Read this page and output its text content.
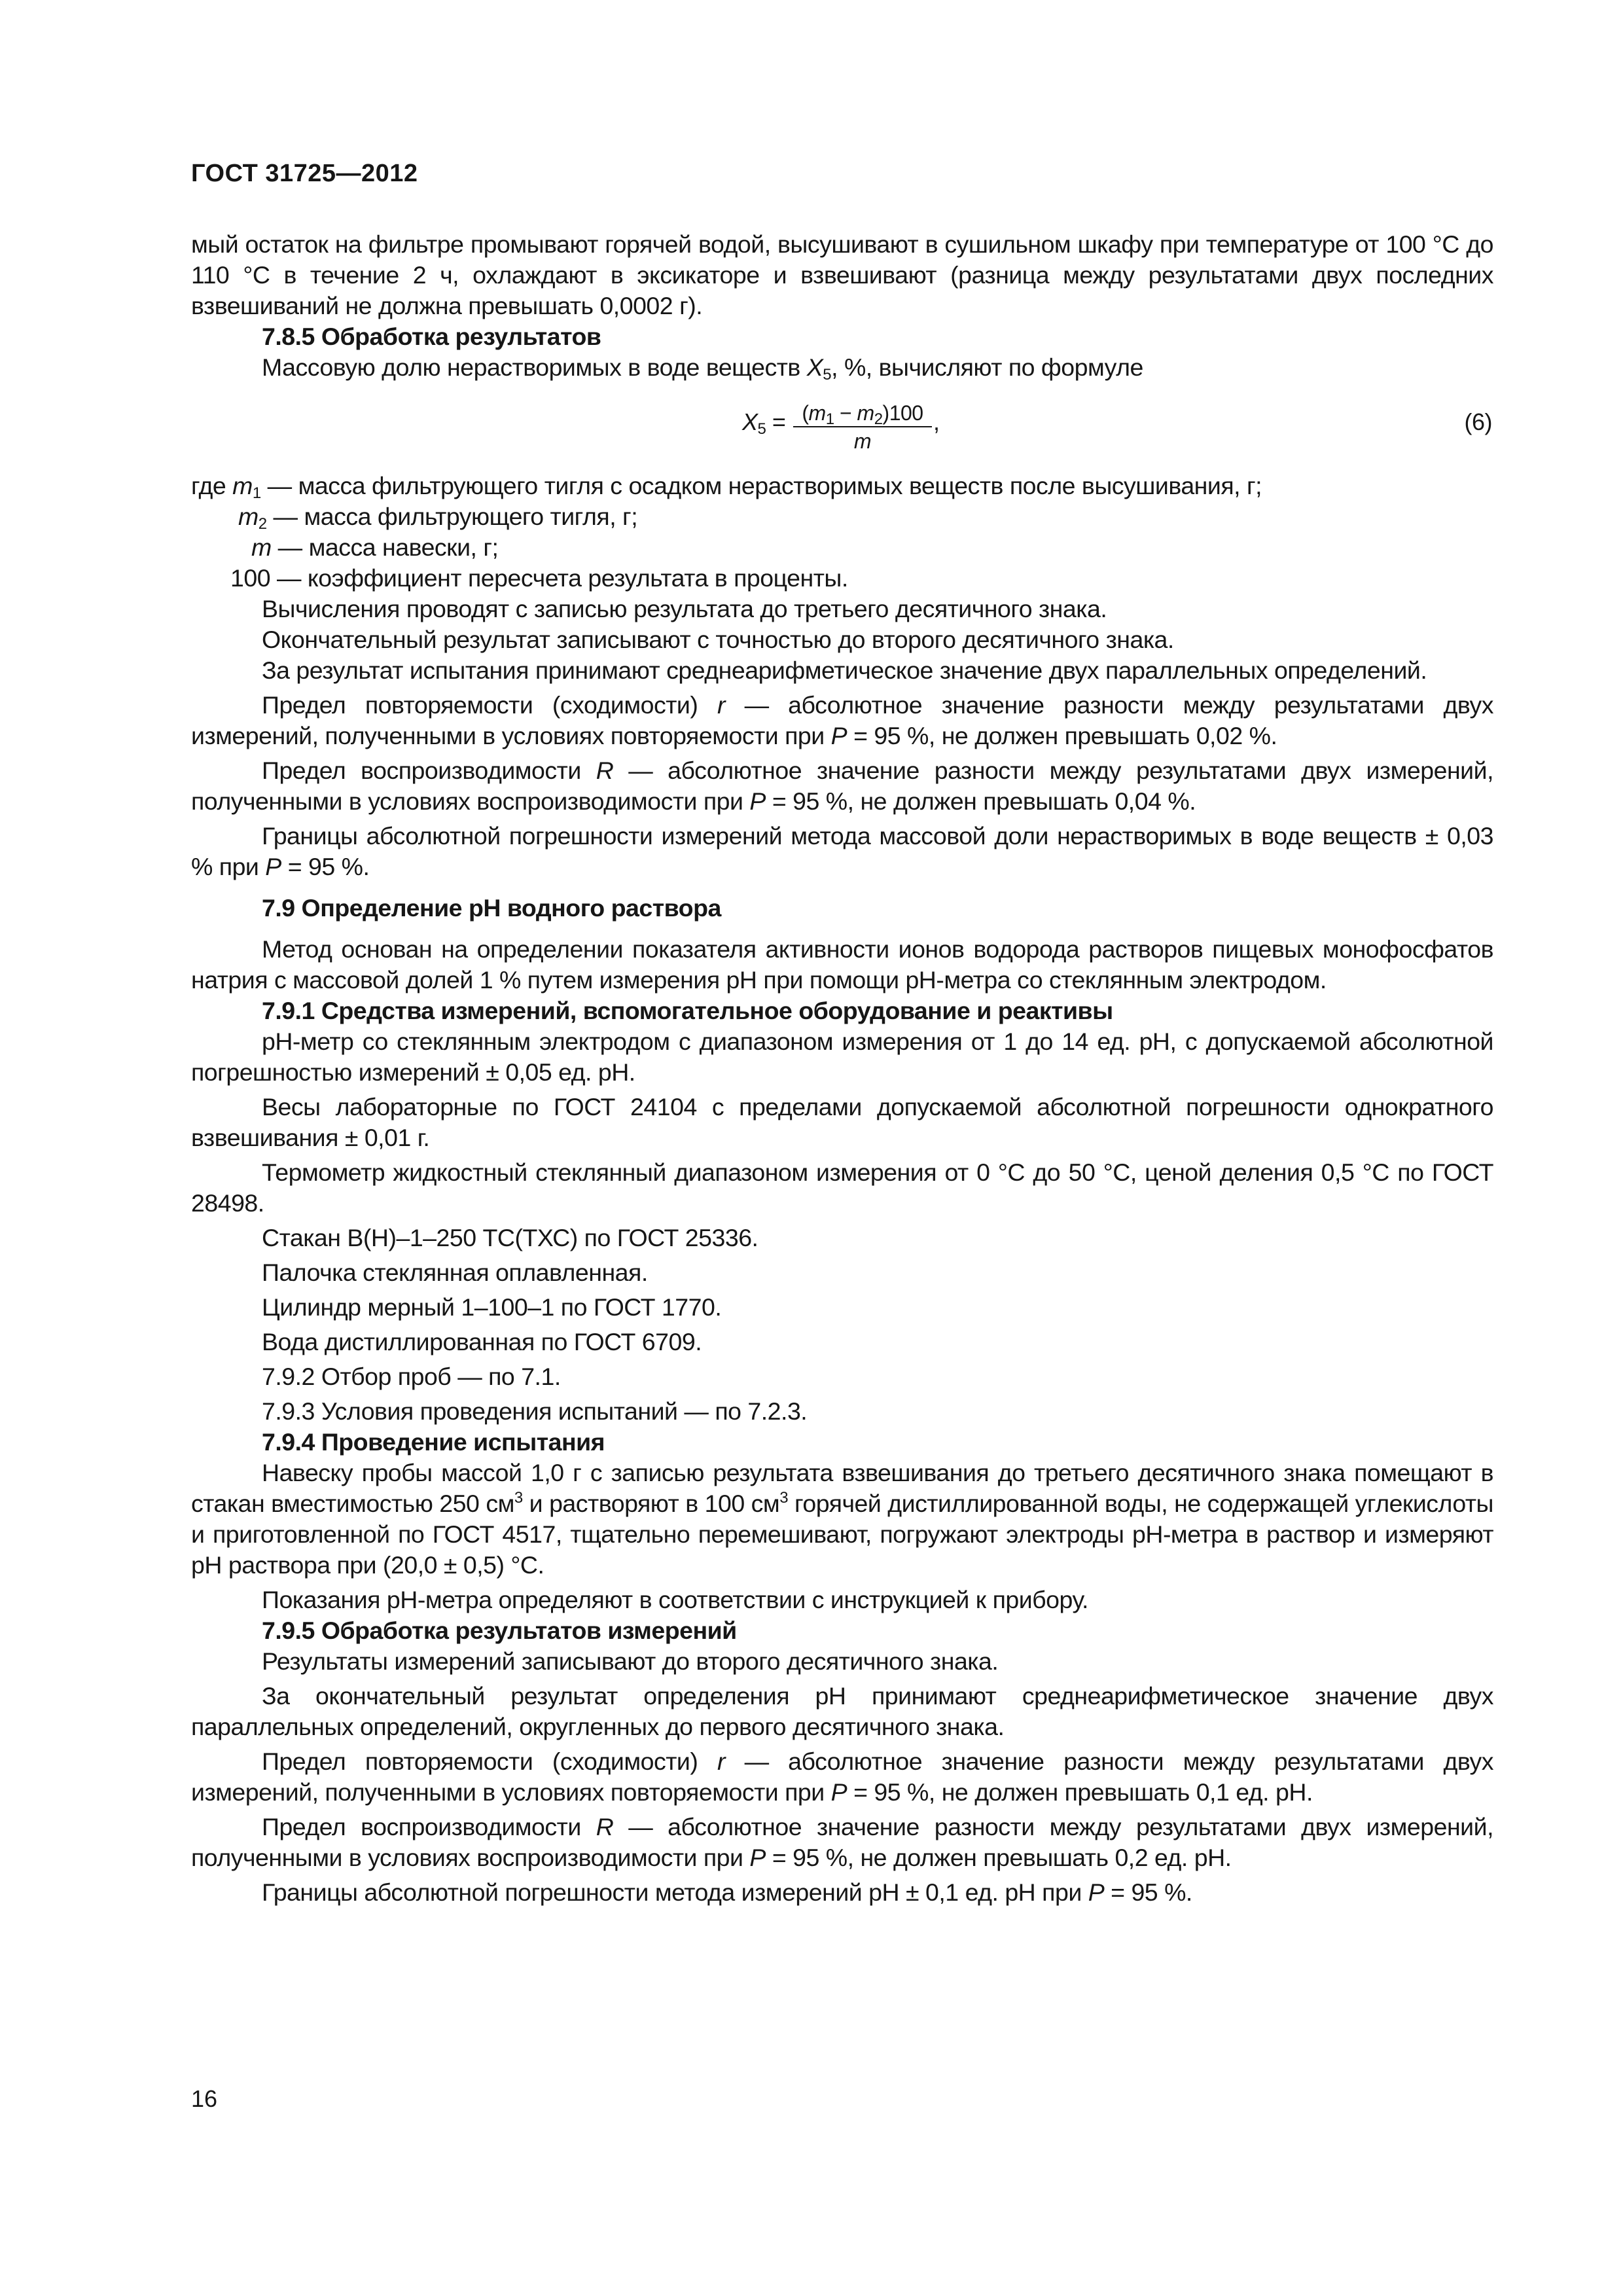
ГОСТ 31725—2012

мый остаток на фильтре промывают горячей водой, высушивают в сушильном шкафу при температуре от 100 °С до 110 °С в течение 2 ч, охлаждают в эксикаторе и взвешивают (разница между результатами двух последних взвешиваний не должна превышать 0,0002 г).

7.8.5 Обработка результатов

Массовую долю нерастворимых в воде веществ $X_5$, %, вычисляют по формуле

$X_5 = \frac{(m_1 - m_2)100}{m}$ ,	(6)
где $m_1$ — масса фильтрующего тигля с осадком нерастворимых веществ после высушивания, г;
$m_2$ — масса фильтрующего тигля, г;
m — масса навески, г;
100 — коэффициент пересчета результата в проценты.

Вычисления проводят с записью результата до третьего десятичного знака.

Окончательный результат записывают с точностью до второго десятичного знака.

За результат испытания принимают среднеарифметическое значение двух параллельных определений.

Предел повторяемости (сходимости) r — абсолютное значение разности между результатами двух измерений, полученными в условиях повторяемости при P = 95 %, не должен превышать 0,02 %.

Предел воспроизводимости R — абсолютное значение разности между результатами двух измерений, полученными в условиях воспроизводимости при P = 95 %, не должен превышать 0,04 %.

Границы абсолютной погрешности измерений метода массовой доли нерастворимых в воде веществ ± 0,03 % при P = 95 %.

7.9 Определение рН водного раствора

Метод основан на определении показателя активности ионов водорода растворов пищевых монофосфатов натрия с массовой долей 1 % путем измерения рН при помощи рН-метра со стеклянным электродом.

7.9.1 Средства измерений, вспомогательное оборудование и реактивы

рН-метр со стеклянным электродом с диапазоном измерения от 1 до 14 ед. рН, с допускаемой абсолютной погрешностью измерений ± 0,05 ед. рН.

Весы лабораторные по ГОСТ 24104 с пределами допускаемой абсолютной погрешности однократного взвешивания ± 0,01 г.

Термометр жидкостный стеклянный диапазоном измерения от 0 °С до 50 °С, ценой деления 0,5 °С по ГОСТ 28498.

Стакан В(Н)–1–250 ТС(ТХС) по ГОСТ 25336.

Палочка стеклянная оплавленная.

Цилиндр мерный 1–100–1 по ГОСТ 1770.

Вода дистиллированная по ГОСТ 6709.

7.9.2 Отбор проб — по 7.1.

7.9.3 Условия проведения испытаний — по 7.2.3.

7.9.4 Проведение испытания

Навеску пробы массой 1,0 г с записью результата взвешивания до третьего десятичного знака помещают в стакан вместимостью 250 $см^3$ и растворяют в 100 $см^3$ горячей дистиллированной воды, не содержащей углекислоты и приготовленной по ГОСТ 4517, тщательно перемешивают, погружают электроды рН-метра в раствор и измеряют рН раствора при (20,0 ± 0,5) °С.

Показания рН-метра определяют в соответствии с инструкцией к прибору.

7.9.5 Обработка результатов измерений

Результаты измерений записывают до второго десятичного знака.

За окончательный результат определения рН принимают среднеарифметическое значение двух параллельных определений, округленных до первого десятичного знака.

Предел повторяемости (сходимости) r — абсолютное значение разности между результатами двух измерений, полученными в условиях повторяемости при P = 95 %, не должен превышать 0,1 ед. рН.

Предел воспроизводимости R — абсолютное значение разности между результатами двух измерений, полученными в условиях воспроизводимости при P = 95 %, не должен превышать 0,2 ед. рН.

Границы абсолютной погрешности метода измерений рН ± 0,1 ед. рН при P = 95 %.

16
